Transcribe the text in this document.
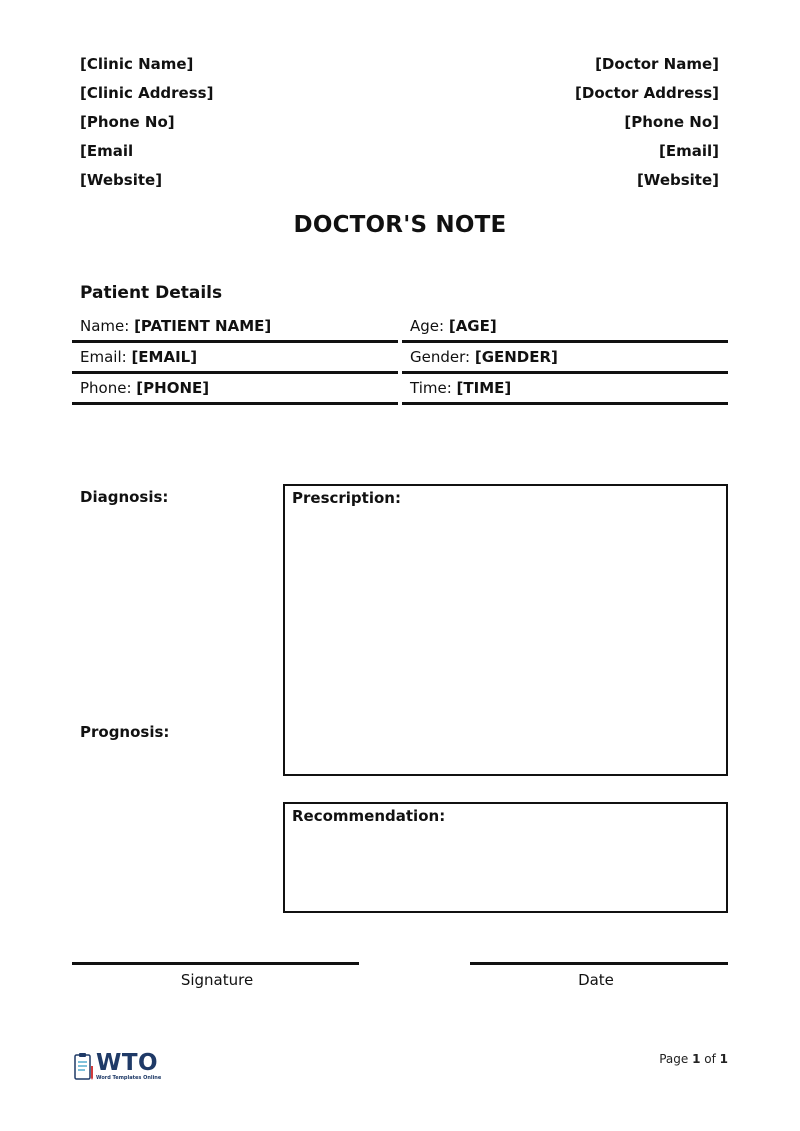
[Clinic Name]
[Clinic Address]
[Phone No]
[Email
[Website]
[Doctor Name]
[Doctor Address]
[Phone No]
[Email]
[Website]
DOCTOR'S NOTE
Patient Details
Name: [PATIENT NAME]	Age: [AGE]
Email: [EMAIL]	Gender: [GENDER]
Phone: [PHONE]	Time: [TIME]
Diagnosis:
Prognosis:
Prescription:
Recommendation:
Signature	Date
WTO
Word Templates Online
Page 1 of 1
